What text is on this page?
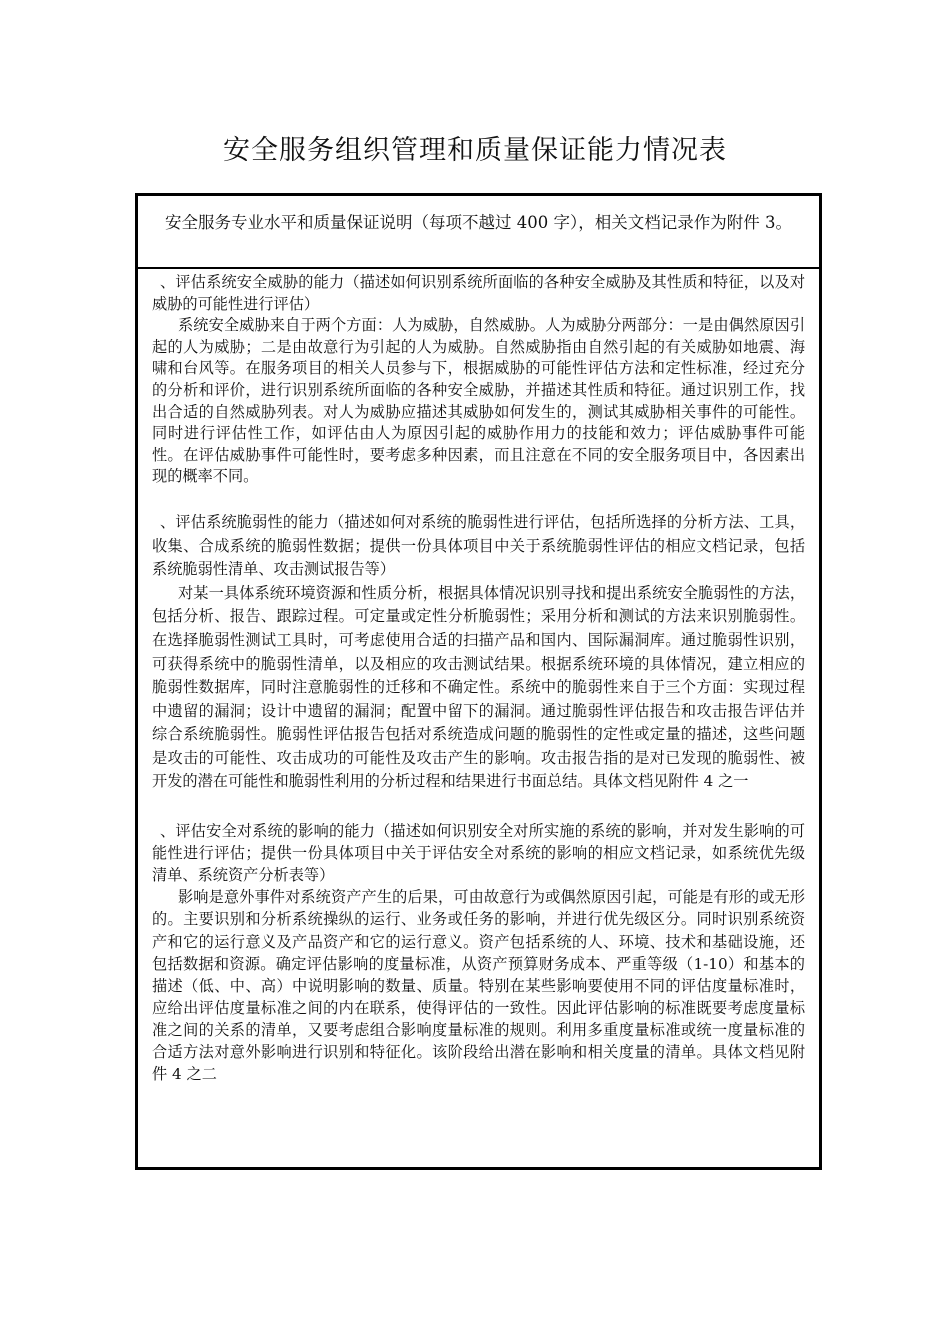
安全服务组织管理和质量保证能力情况表
安全服务专业水平和质量保证说明（每项不越过 400 字），相关文档记录作为附件 3。

、评估系统安全威胁的能力（描述如何识别系统所面临的各种安全威胁及其性质和特征，以及对威胁的可能性进行评估）

系统安全威胁来自于两个方面：人为威胁，自然威胁。人为威胁分两部分：一是由偶然原因引起的人为威胁；二是由故意行为引起的人为威胁。自然威胁指由自然引起的有关威胁如地震、海啸和台风等。在服务项目的相关人员参与下，根据威胁的可能性评估方法和定性标准，经过充分的分析和评价，进行识别系统所面临的各种安全威胁，并描述其性质和特征。通过识别工作，找出合适的自然威胁列表。对人为威胁应描述其威胁如何发生的，测试其威胁相关事件的可能性。同时进行评估性工作，如评估由人为原因引起的威胁作用力的技能和效力；评估威胁事件可能性。在评估威胁事件可能性时，要考虑多种因素，而且注意在不同的安全服务项目中，各因素出现的概率不同。

、评估系统脆弱性的能力（描述如何对系统的脆弱性进行评估，包括所选择的分析方法、工具，收集、合成系统的脆弱性数据；提供一份具体项目中关于系统脆弱性评估的相应文档记录，包括系统脆弱性清单、攻击测试报告等）

对某一具体系统环境资源和性质分析，根据具体情况识别寻找和提出系统安全脆弱性的方法，包括分析、报告、跟踪过程。可定量或定性分析脆弱性；采用分析和测试的方法来识别脆弱性。在选择脆弱性测试工具时，可考虑使用合适的扫描产品和国内、国际漏洞库。通过脆弱性识别，可获得系统中的脆弱性清单，以及相应的攻击测试结果。根据系统环境的具体情况，建立相应的脆弱性数据库，同时注意脆弱性的迁移和不确定性。系统中的脆弱性来自于三个方面：实现过程中遗留的漏洞；设计中遗留的漏洞；配置中留下的漏洞。通过脆弱性评估报告和攻击报告评估并综合系统脆弱性。脆弱性评估报告包括对系统造成问题的脆弱性的定性或定量的描述，这些问题是攻击的可能性、攻击成功的可能性及攻击产生的影响。攻击报告指的是对已发现的脆弱性、被开发的潜在可能性和脆弱性利用的分析过程和结果进行书面总结。具体文档见附件 4 之一

、评估安全对系统的影响的能力（描述如何识别安全对所实施的系统的影响，并对发生影响的可能性进行评估；提供一份具体项目中关于评估安全对系统的影响的相应文档记录，如系统优先级清单、系统资产分析表等）

影响是意外事件对系统资产产生的后果，可由故意行为或偶然原因引起，可能是有形的或无形的。主要识别和分析系统操纵的运行、业务或任务的影响，并进行优先级区分。同时识别系统资产和它的运行意义及产品资产和它的运行意义。资产包括系统的人、环境、技术和基础设施，还包括数据和资源。确定评估影响的度量标准，从资产预算财务成本、严重等级（1-10）和基本的描述（低、中、高）中说明影响的数量、质量。特别在某些影响要使用不同的评估度量标准时，应给出评估度量标准之间的内在联系，使得评估的一致性。因此评估影响的标准既要考虑度量标准之间的关系的清单，又要考虑组合影响度量标准的规则。利用多重度量标准或统一度量标准的合适方法对意外影响进行识别和特征化。该阶段给出潜在影响和相关度量的清单。具体文档见附件 4 之二
